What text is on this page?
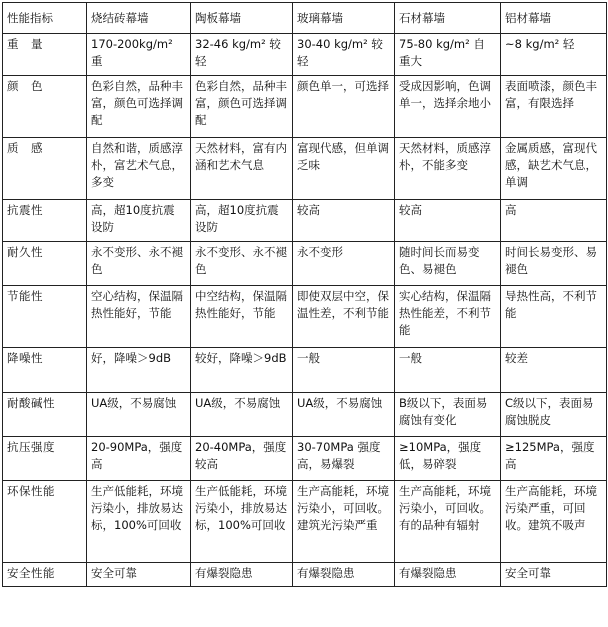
性能指标	烧结砖幕墙	陶板幕墙	玻璃幕墙	石材幕墙	铝材幕墙
重　量	170-200kg/m² 重	32-46 kg/m² 较轻	30-40 kg/m² 较轻	75-80 kg/m² 自重大	~8 kg/m² 轻
颜　色	色彩自然，品种丰富，颜色可选择调配	色彩自然，品种丰富，颜色可选择调配	颜色单一，可选择	受成因影响，色调单一，选择余地小	表面喷漆，颜色丰富，有限选择
质　感	自然和谐，质感淳朴，富艺术气息，多变	天然材料，富有内涵和艺术气息	富现代感，但单调乏味	天然材料，质感淳朴，不能多变	金属质感，富现代感，缺艺术气息，单调
抗震性	高，超10度抗震设防	高，超10度抗震设防	较高	较高	高
耐久性	永不变形、永不褪色	永不变形、永不褪色	永不变形	随时间长而易变色、易褪色	时间长易变形、易褪色
节能性	空心结构，保温隔热性能好，节能	中空结构，保温隔热性能好，节能	即使双层中空，保温性差，不利节能	实心结构，保温隔热性能差，不利节能	导热性高，不利节能
降噪性	好，降噪＞9dB	较好，降噪＞9dB	一般	一般	较差
耐酸碱性	UA级，不易腐蚀	UA级，不易腐蚀	UA级，不易腐蚀	B级以下，表面易腐蚀有变化	C级以下，表面易腐蚀脱皮
抗压强度	20-90MPa，强度高	20-40MPa，强度较高	30-70MPa 强度高，易爆裂	≥10MPa，强度低，易碎裂	≥125MPa，强度高
环保性能	生产低能耗，环境污染小，排放易达标，100%可回收	生产低能耗，环境污染小，排放易达标，100%可回收	生产高能耗，环境污染小，可回收。建筑光污染严重	生产高能耗，环境污染小，可回收。有的品种有辐射	生产高能耗，环境污染严重，可回收。建筑不吸声
安全性能	安全可靠	有爆裂隐患	有爆裂隐患	有爆裂隐患	安全可靠
